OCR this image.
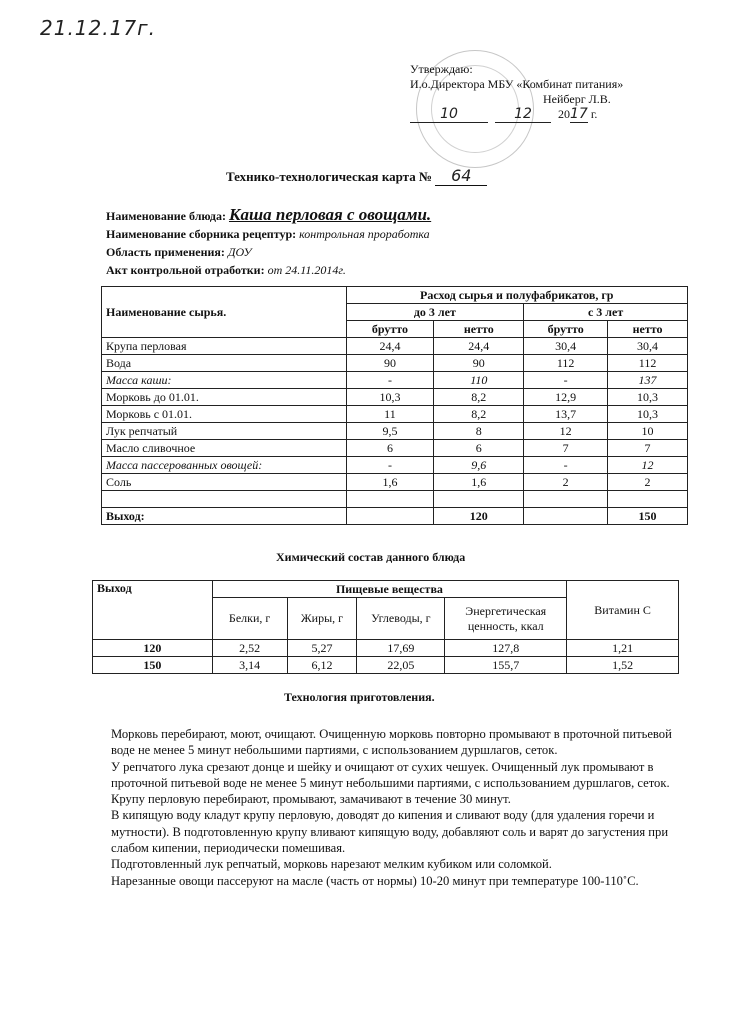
21.12.17г.
Утверждаю:
И.о.Директора МБУ «Комбинат питания»
Нейберг Л.В.
10	12 2017 г.
Технико-технологическая карта № 64
Наименование блюда: Каша перловая с овощами.
Наименование сборника рецептур: контрольная проработка
Область применения: ДОУ
Акт контрольной отработки: от 24.11.2014г.
Наименование сырья.	Расход сырья и полуфабрикатов, гр			
	до 3 лет		с 3 лет	
	брутто	нетто	брутто	нетто
Крупа перловая	24,4	24,4	30,4	30,4
Вода	90	90	112	112
Масса каши:	-	110	-	137
Морковь до 01.01.	10,3	8,2	12,9	10,3
Морковь с 01.01.	11	8,2	13,7	10,3
Лук репчатый	9,5	8	12	10
Масло сливочное	6	6	7	7
Масса пассерованных овощей:	-	9,6	-	12
Соль	1,6	1,6	2	2

Выход:		120		150
Химический состав данного блюда
Выход	Пищевые вещества				Витамин С
	Белки, г	Жиры, г	Углеводы, г	Энергетическая ценность, ккал	
120	2,52	5,27	17,69	127,8	1,21
150	3,14	6,12	22,05	155,7	1,52
Технология приготовления.

Морковь перебирают, моют, очищают. Очищенную морковь повторно промывают в проточной питьевой воде не менее 5 минут небольшими партиями, с использованием дуршлагов, сеток.

У репчатого лука срезают донце и шейку и очищают от сухих чешуек. Очищенный лук промывают в проточной питьевой воде не менее 5 минут небольшими партиями, с использованием дуршлагов, сеток.

Крупу перловую перебирают, промывают, замачивают в течение 30 минут.

В кипящую воду кладут крупу перловую, доводят до кипения и сливают воду (для удаления горечи и мутности). В подготовленную крупу вливают кипящую воду, добавляют соль и варят до загустения при слабом кипении, периодически помешивая.

Подготовленный лук репчатый, морковь нарезают мелким кубиком или соломкой.

Нарезанные овощи пассеруют на масле (часть от нормы) 10-20 минут при температуре 100-110˚С.
